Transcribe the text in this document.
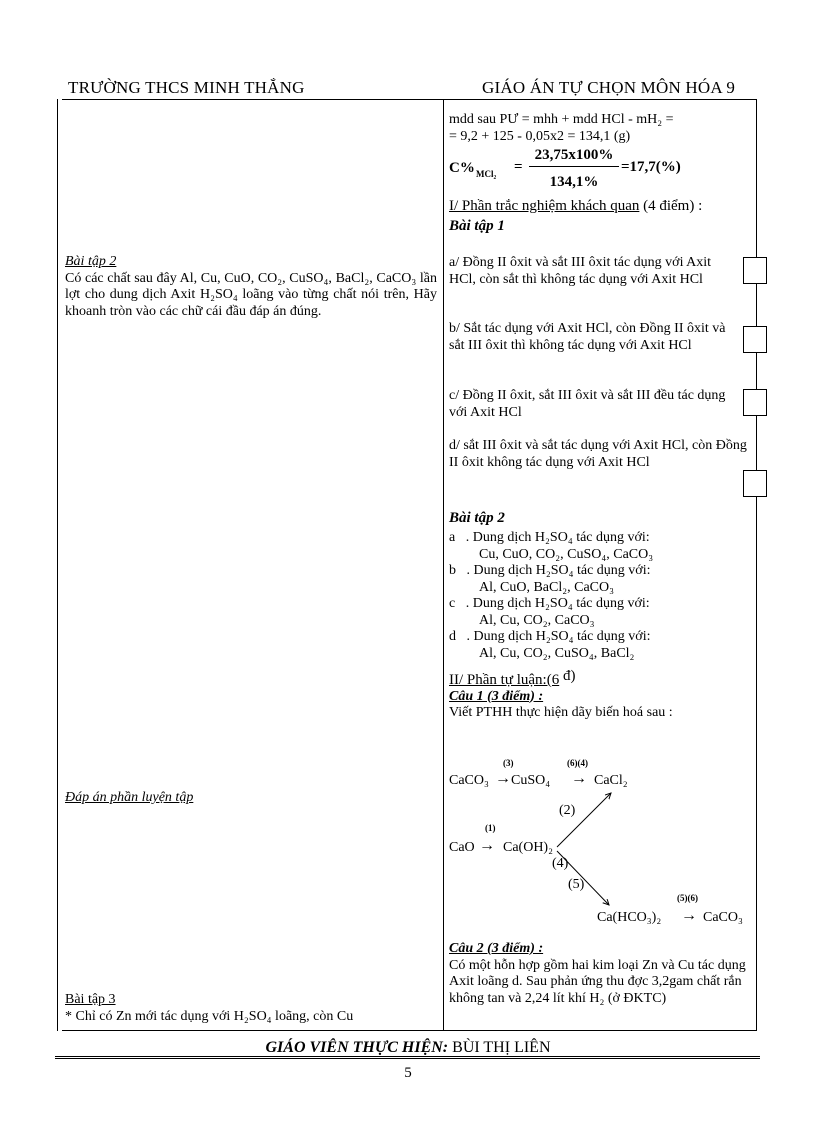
TRƯỜNG THCS MINH THẮNG	GIÁO ÁN TỰ CHỌN MÔN HÓA 9

Bài tập 2

Có các chất sau đây Al, Cu, CuO, CO₂, CuSO₄, BaCl₂, CaCO₃ lần lợt cho dung dịch Axit H₂SO₄ loãng vào từng chất nói trên, Hãy khoanh tròn vào các chữ cái đầu đáp án đúng.

Đáp án phần luyện tập

Bài tập 3

* Chỉ có Zn mới tác dụng với H₂SO₄ loãng, còn Cu

mdd sau PƯ = mhh + mdd HCl - mH₂ =

= 9,2 + 125 - 0,05x2 = 134,1 (g)

C% MCl₂ =
23,75x100%
134,1%
=17,7(%)

I/ Phần trắc nghiệm khách quan (4 điểm) :

Bài tập 1

a/ Đồng II ôxit và sắt III ôxit tác dụng với Axit HCl, còn sắt thì không tác dụng với Axit HCl
b/ Sắt tác dụng với Axit HCl, còn Đồng II ôxit và sắt III ôxit thì không tác dụng với Axit HCl
c/ Đồng II ôxit, sắt III ôxit và sắt III đều tác dụng với Axit HCl
d/ sắt III ôxit và sắt tác dụng với Axit HCl, còn Đồng II ôxit không tác dụng với Axit HCl

Bài tập 2

a . Dung dịch H₂SO₄ tác dụng với:

Cu, CuO, CO₂, CuSO₄, CaCO₃

b . Dung dịch H₂SO₄ tác dụng với:

Al, CuO, BaCl₂, CaCO₃

c . Dung dịch H₂SO₄ tác dụng với:

Al, Cu, CO₂, CaCO₃

d . Dung dịch H₂SO₄ tác dụng với:

Al, Cu, CO₂, CuSO₄, BaCl₂

II/ Phần tự luận:(6 đ)

Câu 1 (3 điểm) :

Viết PTHH thực hiện dãy biến hoá sau :

(3)	(6)(4)
CaCO₃ → CuSO₄ → CaCl₂
(2)
(1)
CaO → Ca(OH)₂
(4)
(5)
(5)(6)
Ca(HCO₃)₂ → CaCO₃

Câu 2 (3 điểm) :

Có một hỗn hợp gồm hai kim loại Zn và Cu tác dụng Axit loãng d. Sau phản ứng thu đợc 3,2gam chất rắn không tan và 2,24 lít khí H₂ (ở ĐKTC)

GIÁO VIÊN THỰC HIỆN: BÙI THỊ LIÊN
5
